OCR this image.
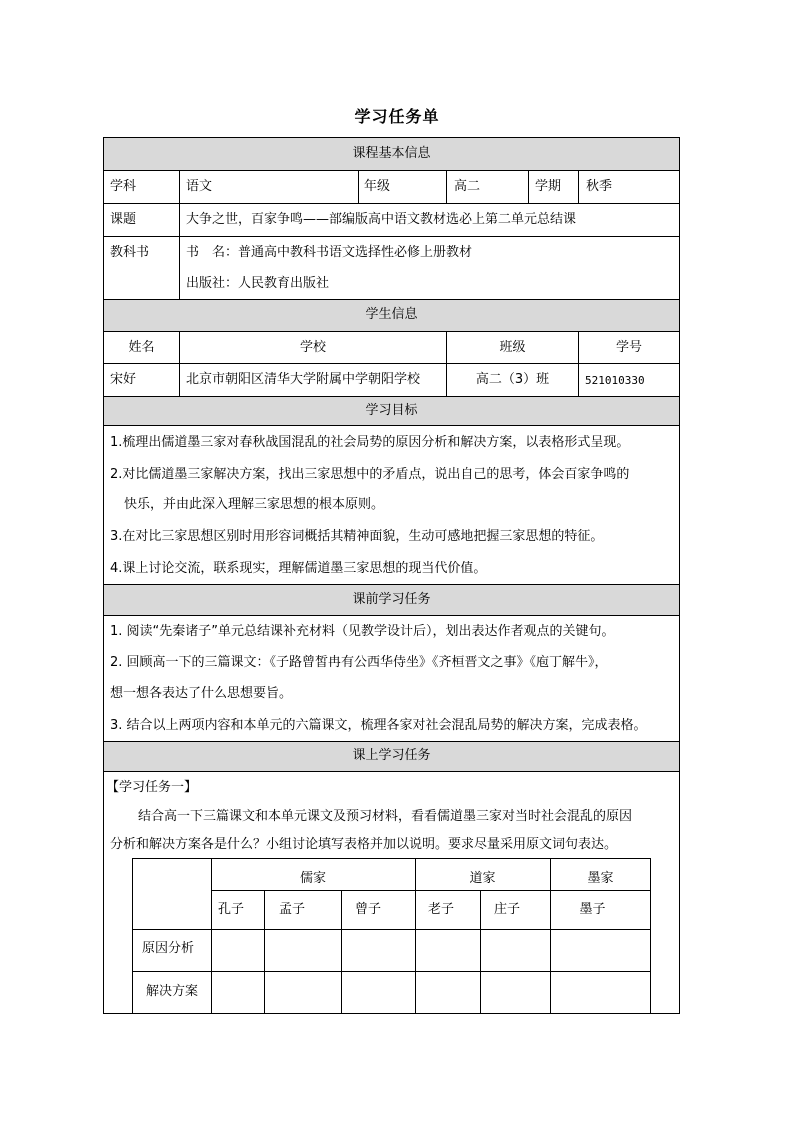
学习任务单
课程基本信息
学生信息
学习目标
课前学习任务
课上学习任务
学科	语文	年级	高二	学期 秋季
课题	大争之世，百家争鸣——部编版高中语文教材选必上第二单元总结课
教科书	书　名：普通高中教科书语文选择性必修上册教材
出版社：人民教育出版社
姓名	学校	班级	学号
宋好	北京市朝阳区清华大学附属中学朝阳学校	高二（3）班	521010330
1.梳理出儒道墨三家对春秋战国混乱的社会局势的原因分析和解决方案，以表格形式呈现。
2.对比儒道墨三家解决方案，找出三家思想中的矛盾点，说出自己的思考，体会百家争鸣的
快乐，并由此深入理解三家思想的根本原则。
3.在对比三家思想区别时用形容词概括其精神面貌，生动可感地把握三家思想的特征。
4.课上讨论交流，联系现实，理解儒道墨三家思想的现当代价值。
1. 阅读“先秦诸子”单元总结课补充材料（见教学设计后），划出表达作者观点的关键句。
2. 回顾高一下的三篇课文：《子路曾皙冉有公西华侍坐》《齐桓晋文之事》《庖丁解牛》，
想一想各表达了什么思想要旨。
3. 结合以上两项内容和本单元的六篇课文，梳理各家对社会混乱局势的解决方案，完成表格。
【学习任务一】
结合高一下三篇课文和本单元课文及预习材料，看看儒道墨三家对当时社会混乱的原因
分析和解决方案各是什么？小组讨论填写表格并加以说明。要求尽量采用原文词句表达。
儒家	道家	墨家
孔子	孟子	曾子	老子	庄子	墨子
原因分析
解决方案
